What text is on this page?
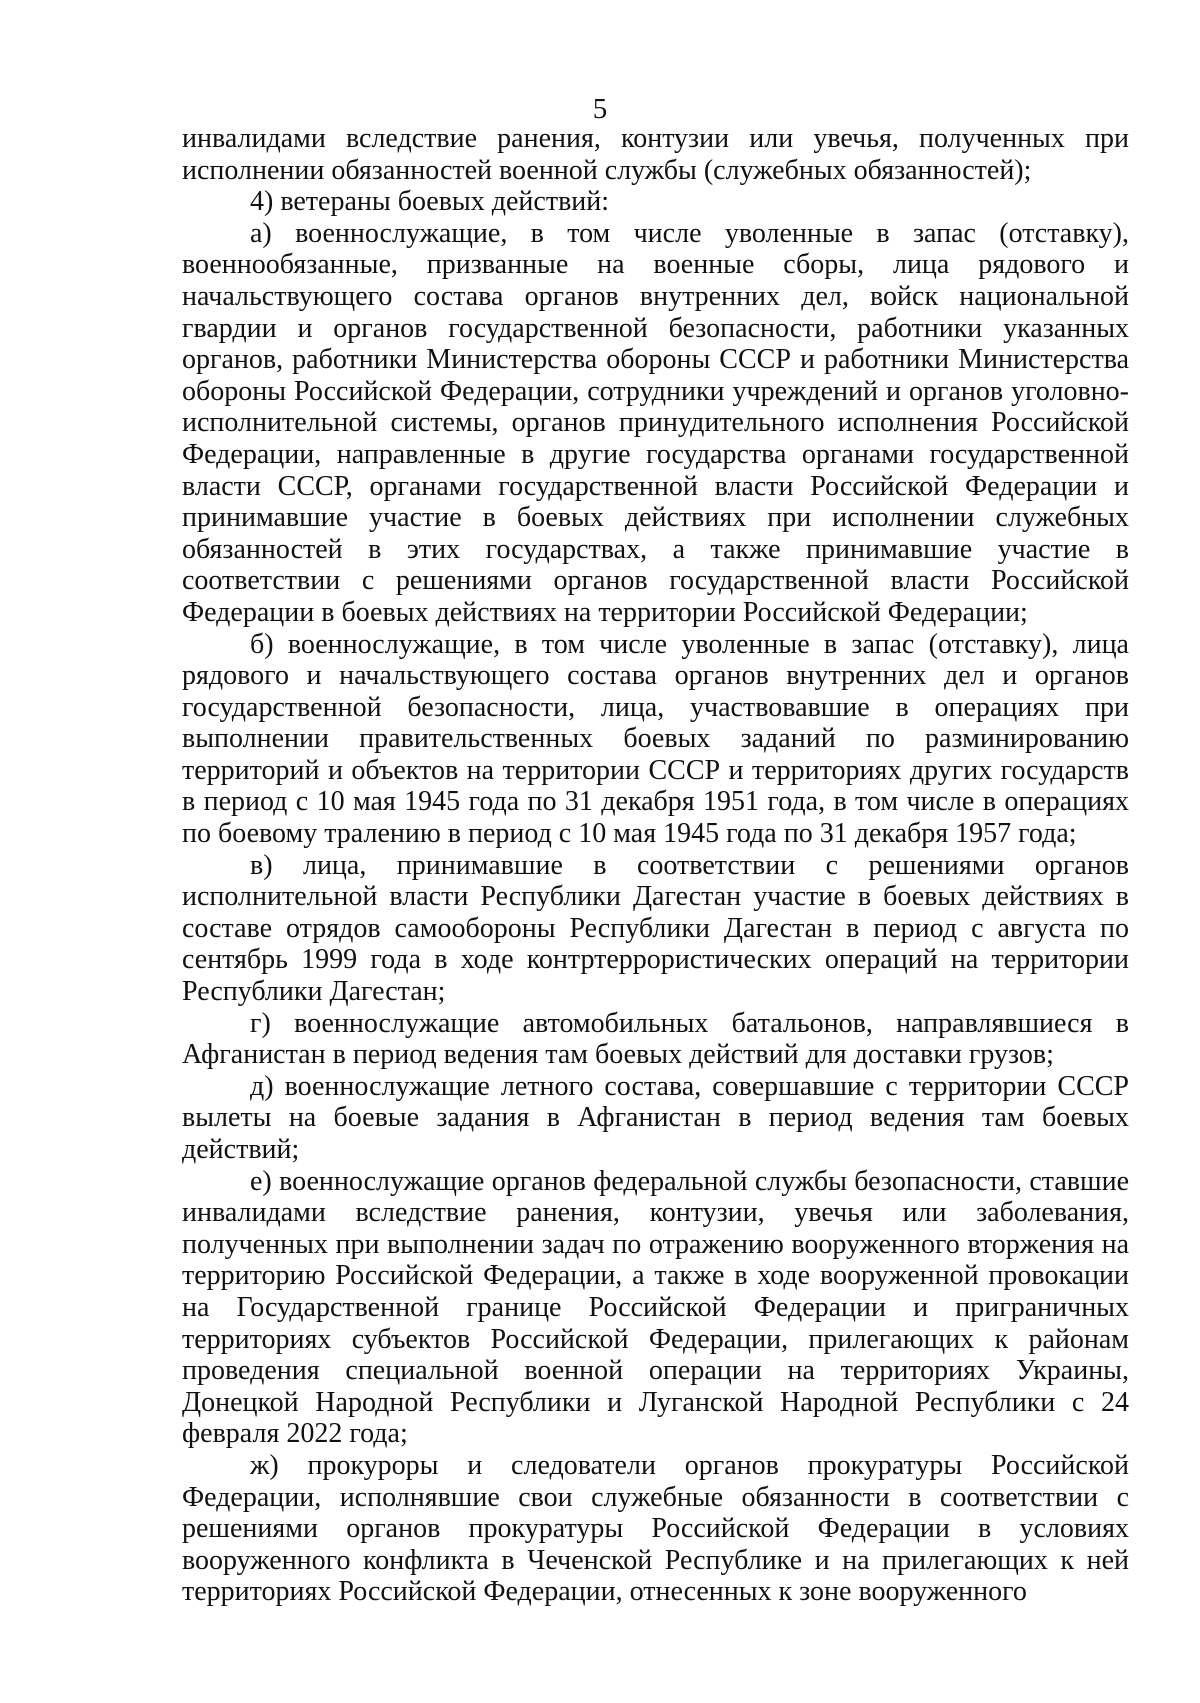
5

инвалидами вследствие ранения, контузии или увечья, полученных при исполнении обязанностей военной службы (служебных обязанностей);

4) ветераны боевых действий:

а) военнослужащие, в том числе уволенные в запас (отставку), военнообязанные, призванные на военные сборы, лица рядового и начальствующего состава органов внутренних дел, войск национальной гвардии и органов государственной безопасности, работники указанных органов, работники Министерства обороны СССР и работники Министерства обороны Российской Федерации, сотрудники учреждений и органов уголовно-исполнительной системы, органов принудительного исполнения Российской Федерации, направленные в другие государства органами государственной власти СССР, органами государственной власти Российской Федерации и принимавшие участие в боевых действиях при исполнении служебных обязанностей в этих государствах, а также принимавшие участие в соответствии с решениями органов государственной власти Российской Федерации в боевых действиях на территории Российской Федерации;

б) военнослужащие, в том числе уволенные в запас (отставку), лица рядового и начальствующего состава органов внутренних дел и органов государственной безопасности, лица, участвовавшие в операциях при выполнении правительственных боевых заданий по разминированию территорий и объектов на территории СССР и территориях других государств в период с 10 мая 1945 года по 31 декабря 1951 года, в том числе в операциях по боевому тралению в период с 10 мая 1945 года по 31 декабря 1957 года;

в) лица, принимавшие в соответствии с решениями органов исполнительной власти Республики Дагестан участие в боевых действиях в составе отрядов самообороны Республики Дагестан в период с августа по сентябрь 1999 года в ходе контртеррористических операций на территории Республики Дагестан;

г) военнослужащие автомобильных батальонов, направлявшиеся в Афганистан в период ведения там боевых действий для доставки грузов;

д) военнослужащие летного состава, совершавшие с территории СССР вылеты на боевые задания в Афганистан в период ведения там боевых действий;

е) военнослужащие органов федеральной службы безопасности, ставшие инвалидами вследствие ранения, контузии, увечья или заболевания, полученных при выполнении задач по отражению вооруженного вторжения на территорию Российской Федерации, а также в ходе вооруженной провокации на Государственной границе Российской Федерации и приграничных территориях субъектов Российской Федерации, прилегающих к районам проведения специальной военной операции на территориях Украины, Донецкой Народной Республики и Луганской Народной Республики с 24 февраля 2022 года;

ж) прокуроры и следователи органов прокуратуры Российской Федерации, исполнявшие свои служебные обязанности в соответствии с решениями органов прокуратуры Российской Федерации в условиях вооруженного конфликта в Чеченской Республике и на прилегающих к ней территориях Российской Федерации, отнесенных к зоне вооруженного
